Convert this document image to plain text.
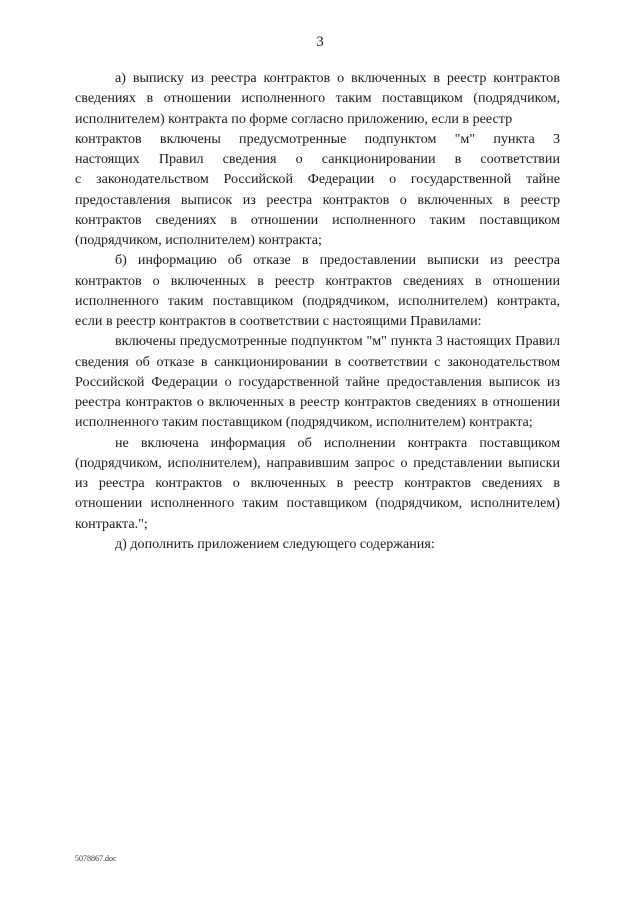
3

а) выписку из реестра контрактов о включенных в реестр контрактов сведениях в отношении исполненного таким поставщиком (подрядчиком, исполнителем) контракта по форме согласно приложению, если в реестр

контрактов включены предусмотренные подпунктом "м" пункта 3

настоящих Правил сведения о санкционировании в соответствии

с законодательством Российской Федерации о государственной тайне предоставления выписок из реестра контрактов о включенных в реестр контрактов сведениях в отношении исполненного таким поставщиком (подрядчиком, исполнителем) контракта;

б) информацию об отказе в предоставлении выписки из реестра контрактов о включенных в реестр контрактов сведениях в отношении исполненного таким поставщиком (подрядчиком, исполнителем) контракта, если в реестр контрактов в соответствии с настоящими Правилами:

включены предусмотренные подпунктом "м" пункта 3 настоящих Правил сведения об отказе в санкционировании в соответствии с законодательством Российской Федерации о государственной тайне предоставления выписок из реестра контрактов о включенных в реестр контрактов сведениях в отношении исполненного таким поставщиком (подрядчиком, исполнителем) контракта;

не включена информация об исполнении контракта поставщиком (подрядчиком, исполнителем), направившим запрос о представлении выписки из реестра контрактов о включенных в реестр контрактов сведениях в отношении исполненного таким поставщиком (подрядчиком, исполнителем) контракта.";

д) дополнить приложением следующего содержания:

5078867.doc
